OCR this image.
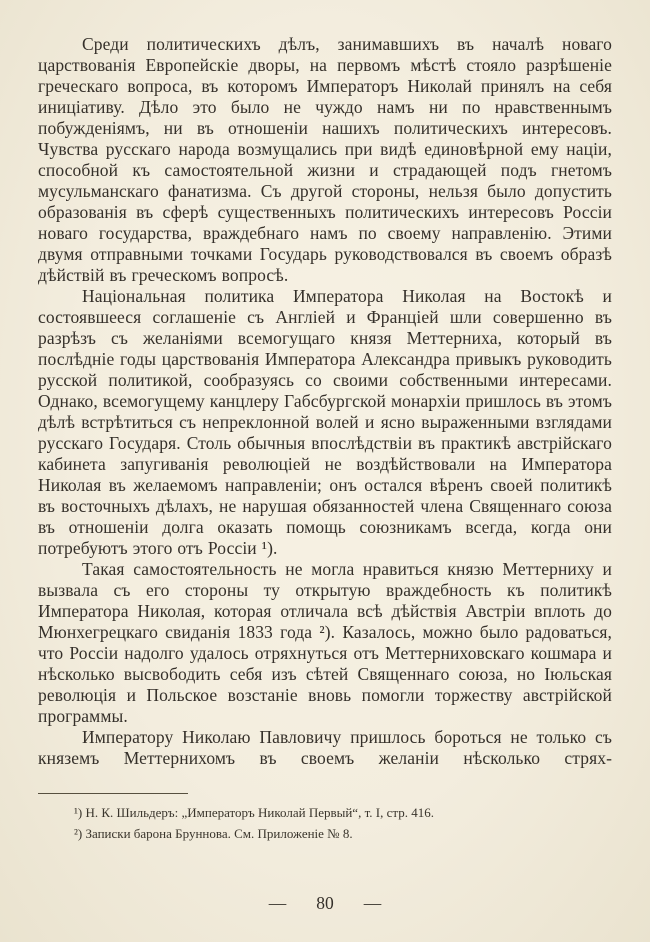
Среди политическихъ дѣлъ, занимавшихъ въ началѣ новаго царствованія Европейскіе дворы, на первомъ мѣстѣ стояло разрѣшеніе греческаго вопроса, въ которомъ Императоръ Николай принялъ на себя иниціативу. Дѣло это было не чуждо намъ ни по нравственнымъ побужденіямъ, ни въ отношеніи нашихъ политическихъ интересовъ. Чувства русскаго народа возмущались при видѣ единовѣрной ему націи, способной къ самостоятельной жизни и страдающей подъ гнетомъ мусульманскаго фанатизма. Съ другой стороны, нельзя было допустить образованія въ сферѣ существенныхъ политическихъ интересовъ Россіи новаго государства, враждебнаго намъ по своему направленію. Этими двумя отправными точками Государь руководствовался въ своемъ образѣ дѣйствій въ греческомъ вопросѣ.

Національная политика Императора Николая на Востокѣ и состоявшееся соглашеніе съ Англіей и Франціей шли совершенно въ разрѣзъ съ желаніями всемогущаго князя Меттерниха, который въ послѣдніе годы царствованія Императора Александра привыкъ руководить русской политикой, сообразуясь со своими собственными интересами. Однако, всемогущему канцлеру Габсбургской монархіи пришлось въ этомъ дѣлѣ встрѣтиться съ непреклонной волей и ясно выраженными взглядами русскаго Государя. Столь обычныя впослѣдствіи въ практикѣ австрійскаго кабинета запугиванія революціей не воздѣйствовали на Императора Николая въ желаемомъ направленіи; онъ остался вѣренъ своей политикѣ въ восточныхъ дѣлахъ, не нарушая обязанностей члена Священнаго союза въ отношеніи долга оказать помощь союзникамъ всегда, когда они потребуютъ этого отъ Россіи ¹).

Такая самостоятельность не могла нравиться князю Меттерниху и вызвала съ его стороны ту открытую враждебность къ политикѣ Императора Николая, которая отличала всѣ дѣйствія Австріи вплоть до Мюнхегрецкаго свиданія 1833 года ²). Казалось, можно было радоваться, что Россіи надолго удалось отряхнуться отъ Меттерниховскаго кошмара и нѣсколько высвободить себя изъ сѣтей Священнаго союза, но Іюльская революція и Польское возстаніе вновь помогли торжеству австрійской программы.

Императору Николаю Павловичу пришлось бороться не только съ княземъ Меттернихомъ въ своемъ желаніи нѣсколько стрях-

¹) Н. К. Шильдеръ: „Императоръ Николай Первый“, т. I, стр. 416.

²) Записки барона Бруннова. См. Приложеніе № 8.

— 80 —
